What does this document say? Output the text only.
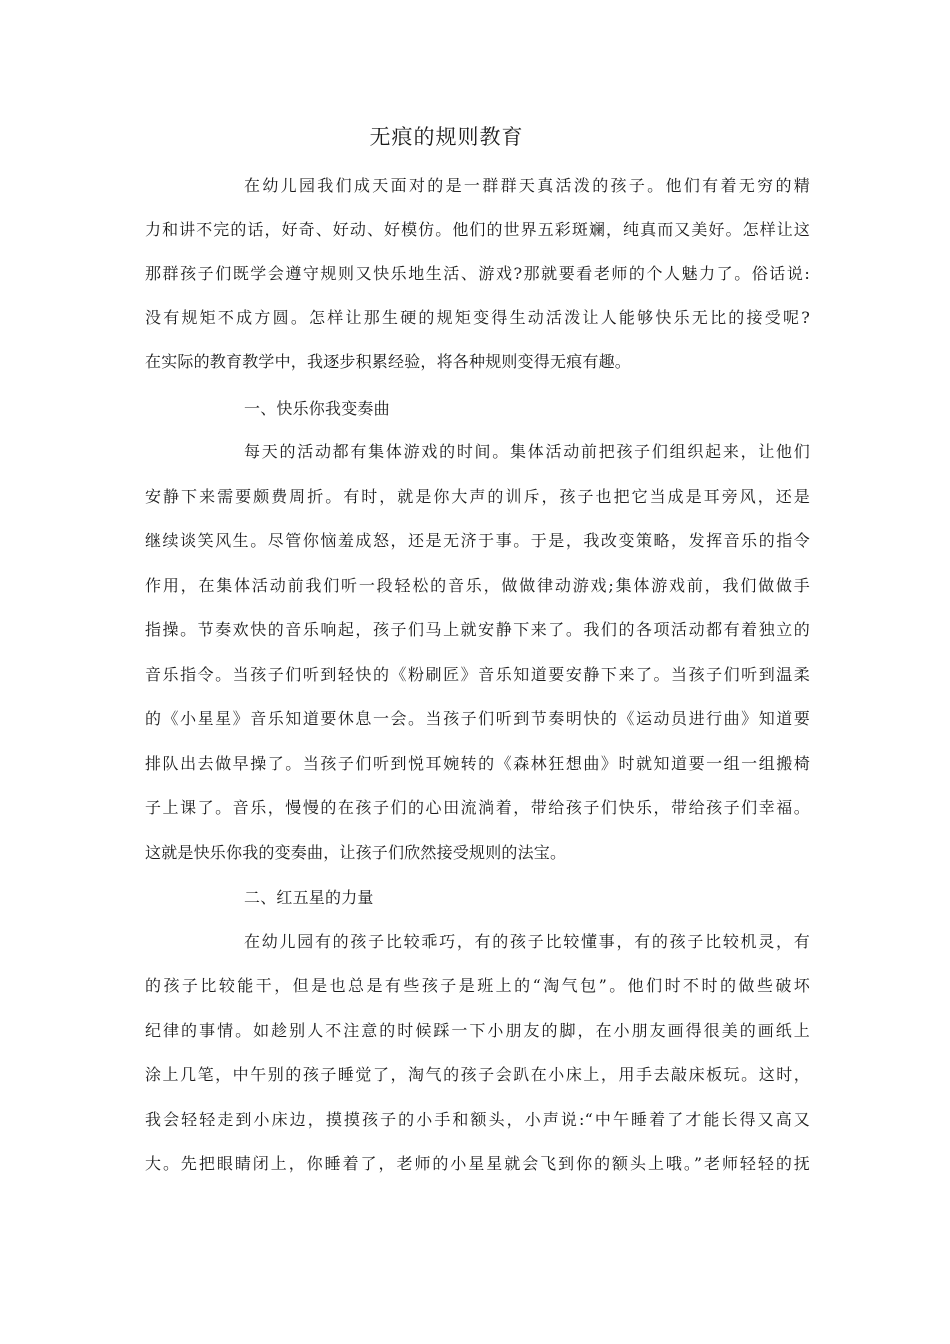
无痕的规则教育
在幼儿园我们成天面对的是一群群天真活泼的孩子。他们有着无穷的精
力和讲不完的话，好奇、好动、好模仿。他们的世界五彩斑斓，纯真而又美好。怎样让这
那群孩子们既学会遵守规则又快乐地生活、游戏?那就要看老师的个人魅力了。俗话说:
没有规矩不成方圆。怎样让那生硬的规矩变得生动活泼让人能够快乐无比的接受呢?
在实际的教育教学中，我逐步积累经验，将各种规则变得无痕有趣。
一、快乐你我变奏曲
每天的活动都有集体游戏的时间。集体活动前把孩子们组织起来，让他们
安静下来需要颇费周折。有时，就是你大声的训斥，孩子也把它当成是耳旁风，还是
继续谈笑风生。尽管你恼羞成怒，还是无济于事。于是，我改变策略，发挥音乐的指令
作用，在集体活动前我们听一段轻松的音乐，做做律动游戏;集体游戏前，我们做做手
指操。节奏欢快的音乐响起，孩子们马上就安静下来了。我们的各项活动都有着独立的
音乐指令。当孩子们听到轻快的《粉刷匠》音乐知道要安静下来了。当孩子们听到温柔
的《小星星》音乐知道要休息一会。当孩子们听到节奏明快的《运动员进行曲》知道要
排队出去做早操了。当孩子们听到悦耳婉转的《森林狂想曲》时就知道要一组一组搬椅
子上课了。音乐，慢慢的在孩子们的心田流淌着，带给孩子们快乐，带给孩子们幸福。
这就是快乐你我的变奏曲，让孩子们欣然接受规则的法宝。
二、红五星的力量
在幼儿园有的孩子比较乖巧，有的孩子比较懂事，有的孩子比较机灵，有
的孩子比较能干，但是也总是有些孩子是班上的“淘气包”。他们时不时的做些破坏
纪律的事情。如趁别人不注意的时候踩一下小朋友的脚，在小朋友画得很美的画纸上
涂上几笔，中午别的孩子睡觉了，淘气的孩子会趴在小床上，用手去敲床板玩。这时，
我会轻轻走到小床边，摸摸孩子的小手和额头，小声说:“中午睡着了才能长得又高又
大。先把眼睛闭上，你睡着了，老师的小星星就会飞到你的额头上哦。”老师轻轻的抚
